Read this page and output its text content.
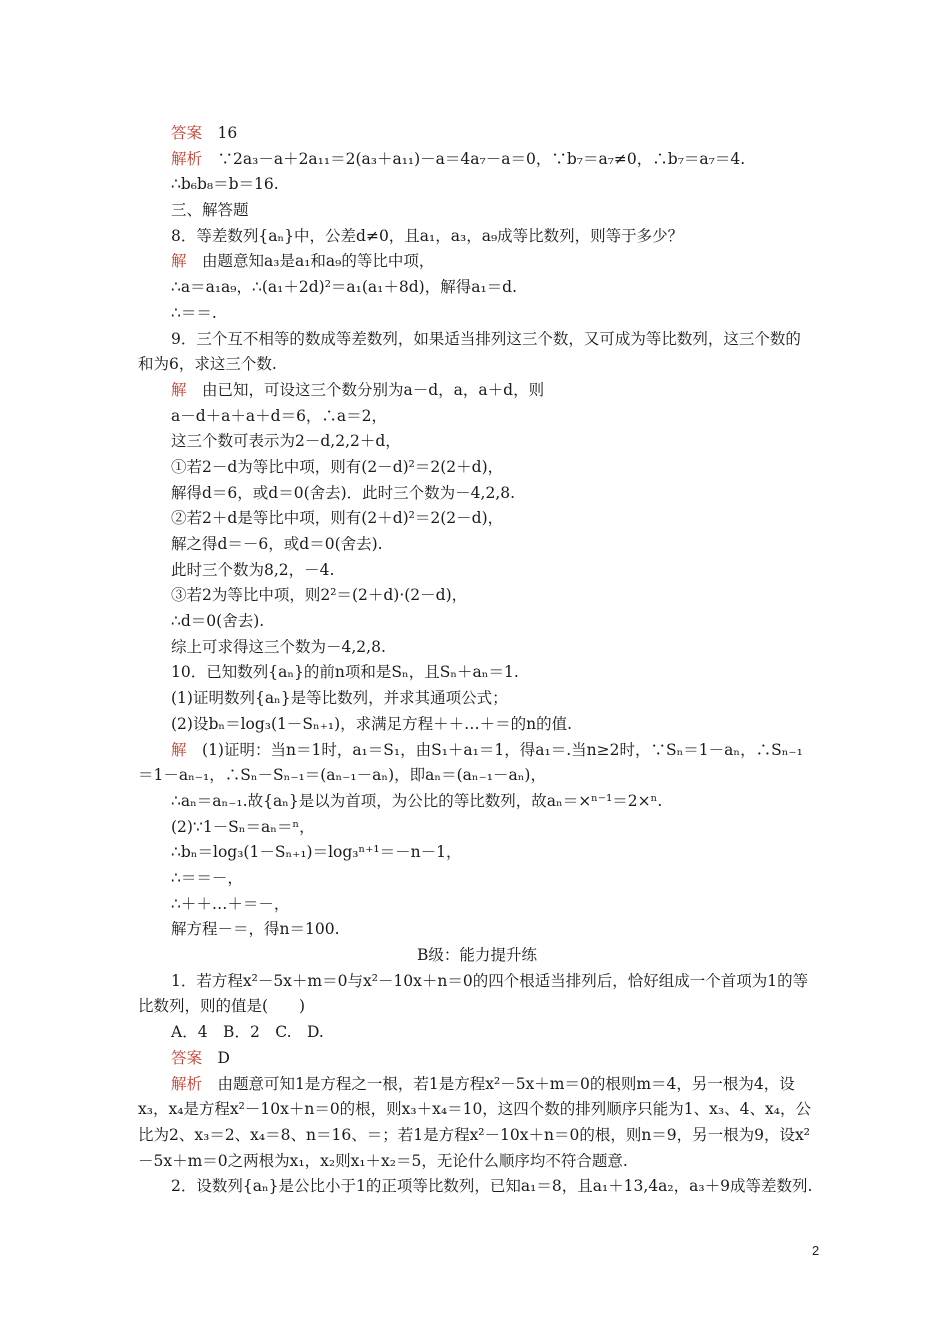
答案　16
解析　∵2a₃－a＋2a₁₁＝2(a₃＋a₁₁)－a＝4a₇－a＝0，∵b₇＝a₇≠0，∴b₇＝a₇＝4.
∴b₆b₈＝b＝16.
三、解答题
8．等差数列{aₙ}中，公差d≠0，且a₁，a₃，a₉成等比数列，则等于多少？
解　由题意知a₃是a₁和a₉的等比中项，
∴a＝a₁a₉，∴(a₁＋2d)²＝a₁(a₁＋8d)，解得a₁＝d.
∴＝＝.
9．三个互不相等的数成等差数列，如果适当排列这三个数，又可成为等比数列，这三个数的和为6，求这三个数.
解　由已知，可设这三个数分别为a－d，a，a＋d，则
a－d＋a＋a＋d＝6，∴a＝2，
这三个数可表示为2－d,2,2＋d，
①若2－d为等比中项，则有(2－d)²＝2(2＋d)，
解得d＝6，或d＝0(舍去)．此时三个数为－4,2,8.
②若2＋d是等比中项，则有(2＋d)²＝2(2－d)，
解之得d＝－6，或d＝0(舍去).
此时三个数为8,2，－4.
③若2为等比中项，则2²＝(2＋d)·(2－d)，
∴d＝0(舍去).
综上可求得这三个数为－4,2,8.
10．已知数列{aₙ}的前n项和是Sₙ，且Sₙ＋aₙ＝1.
(1)证明数列{aₙ}是等比数列，并求其通项公式；
(2)设bₙ＝log₃(1－Sₙ₊₁)，求满足方程＋＋…＋＝的n的值.
解　(1)证明：当n＝1时，a₁＝S₁，由S₁＋a₁＝1，得a₁＝.当n≥2时，∵Sₙ＝1－aₙ，∴Sₙ₋₁＝1－aₙ₋₁，∴Sₙ－Sₙ₋₁＝(aₙ₋₁－aₙ)，即aₙ＝(aₙ₋₁－aₙ)，
∴aₙ＝aₙ₋₁.故{aₙ}是以为首项，为公比的等比数列，故aₙ＝×ⁿ⁻¹＝2×ⁿ.
(2)∵1－Sₙ＝aₙ＝ⁿ，
∴bₙ＝log₃(1－Sₙ₊₁)＝log₃ⁿ⁺¹＝－n－1，
∴＝＝－，
∴＋＋…＋＝－，
解方程－＝，得n＝100.
B级：能力提升练
1．若方程x²－5x＋m＝0与x²－10x＋n＝0的四个根适当排列后，恰好组成一个首项为1的等比数列，则的值是(　　)
A．4　B．2　C.　D.
答案　D
解析　由题意可知1是方程之一根，若1是方程x²－5x＋m＝0的根则m＝4，另一根为4，设x₃，x₄是方程x²－10x＋n＝0的根，则x₃＋x₄＝10，这四个数的排列顺序只能为1、x₃、4、x₄，公比为2、x₃＝2、x₄＝8、n＝16、＝；若1是方程x²－10x＋n＝0的根，则n＝9，另一根为9，设x²－5x＋m＝0之两根为x₁，x₂则x₁＋x₂＝5，无论什么顺序均不符合题意.
2．设数列{aₙ}是公比小于1的正项等比数列，已知a₁＝8，且a₁＋13,4a₂，a₃＋9成等差数列.
2
